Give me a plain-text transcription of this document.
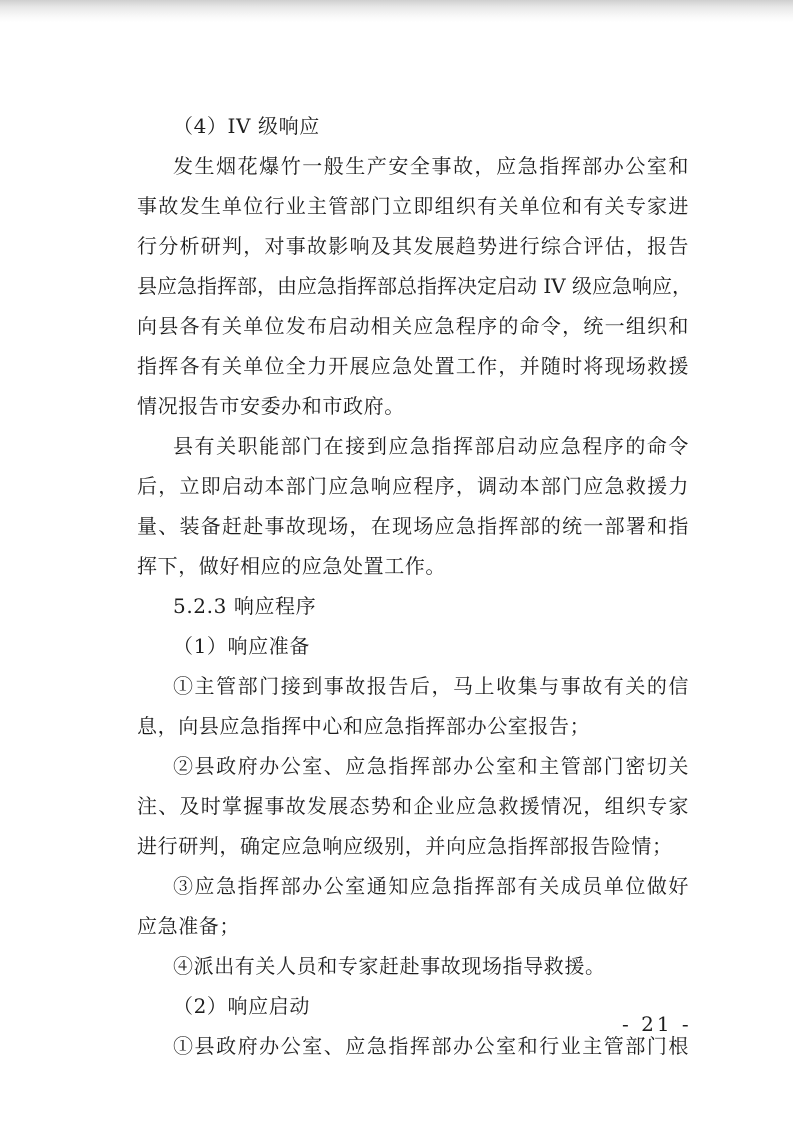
（4）IV 级响应
发生烟花爆竹一般生产安全事故，应急指挥部办公室和
事故发生单位行业主管部门立即组织有关单位和有关专家进
行分析研判，对事故影响及其发展趋势进行综合评估，报告
县应急指挥部，由应急指挥部总指挥决定启动 IV 级应急响应，
向县各有关单位发布启动相关应急程序的命令，统一组织和
指挥各有关单位全力开展应急处置工作，并随时将现场救援
情况报告市安委办和市政府。
县有关职能部门在接到应急指挥部启动应急程序的命令
后，立即启动本部门应急响应程序，调动本部门应急救援力
量、装备赶赴事故现场，在现场应急指挥部的统一部署和指
挥下，做好相应的应急处置工作。
5.2.3 响应程序
（1）响应准备
①主管部门接到事故报告后，马上收集与事故有关的信
息，向县应急指挥中心和应急指挥部办公室报告；
②县政府办公室、应急指挥部办公室和主管部门密切关
注、及时掌握事故发展态势和企业应急救援情况，组织专家
进行研判，确定应急响应级别，并向应急指挥部报告险情；
③应急指挥部办公室通知应急指挥部有关成员单位做好
应急准备；
④派出有关人员和专家赶赴事故现场指导救援。
（2）响应启动
①县政府办公室、应急指挥部办公室和行业主管部门根
- 21 -
